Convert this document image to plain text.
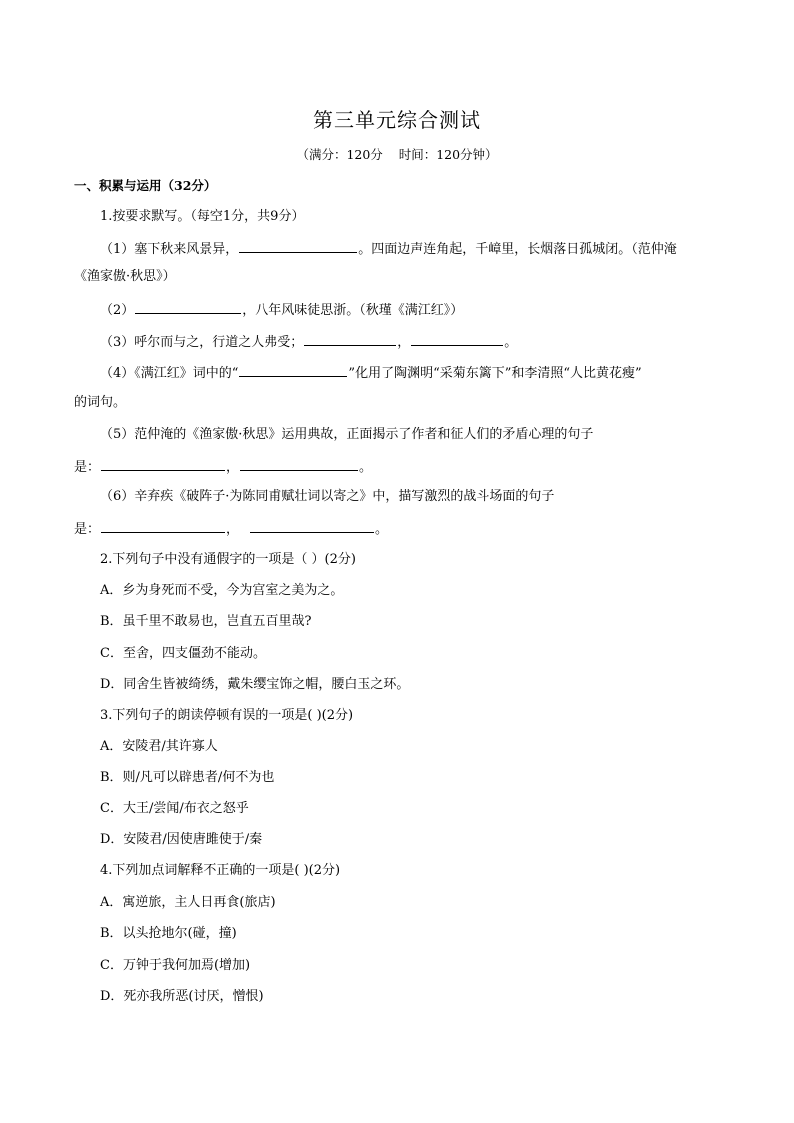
第三单元综合测试
（满分：120分    时间：120分钟）
一、积累与运用（32分）
1.按要求默写。（每空1分，共9分）
（1）塞下秋来风景异，	。四面边声连角起，千嶂里，长烟落日孤城闭。（范仲淹
《渔家傲·秋思》）
（2）	，八年风味徒思浙。（秋瑾《满江红》）
（3）呼尔而与之，行道之人弗受；	，	。
（4）《满江红》词中的“	”化用了陶渊明“采菊东篱下”和李清照“人比黄花瘦”
的词句。
（5）范仲淹的《渔家傲·秋思》运用典故，正面揭示了作者和征人们的矛盾心理的句子
是：	，	。
（6）辛弃疾《破阵子·为陈同甫赋壮词以寄之》中，描写激烈的战斗场面的句子
是：	，	。
2.下列句子中没有通假字的一项是（ ）(2分)
A．乡为身死而不受，今为宫室之美为之。
B．虽千里不敢易也，岂直五百里哉?
C．至舍，四支僵劲不能动。
D．同舍生皆被绮绣，戴朱缨宝饰之帽，腰白玉之环。
3.下列句子的朗读停顿有误的一项是( )(2分)
A．安陵君/其许寡人
B．则/凡可以辟患者/何不为也
C．大王/尝闻/布衣之怒乎
D．安陵君/因使唐雎使于/秦
4.下列加点词解释不正确的一项是( )(2分)
A．寓逆旅，主人日再食(旅店)
B．以头抢地尔(碰，撞)
C．万钟于我何加焉(增加)
D．死亦我所恶(讨厌，憎恨)
